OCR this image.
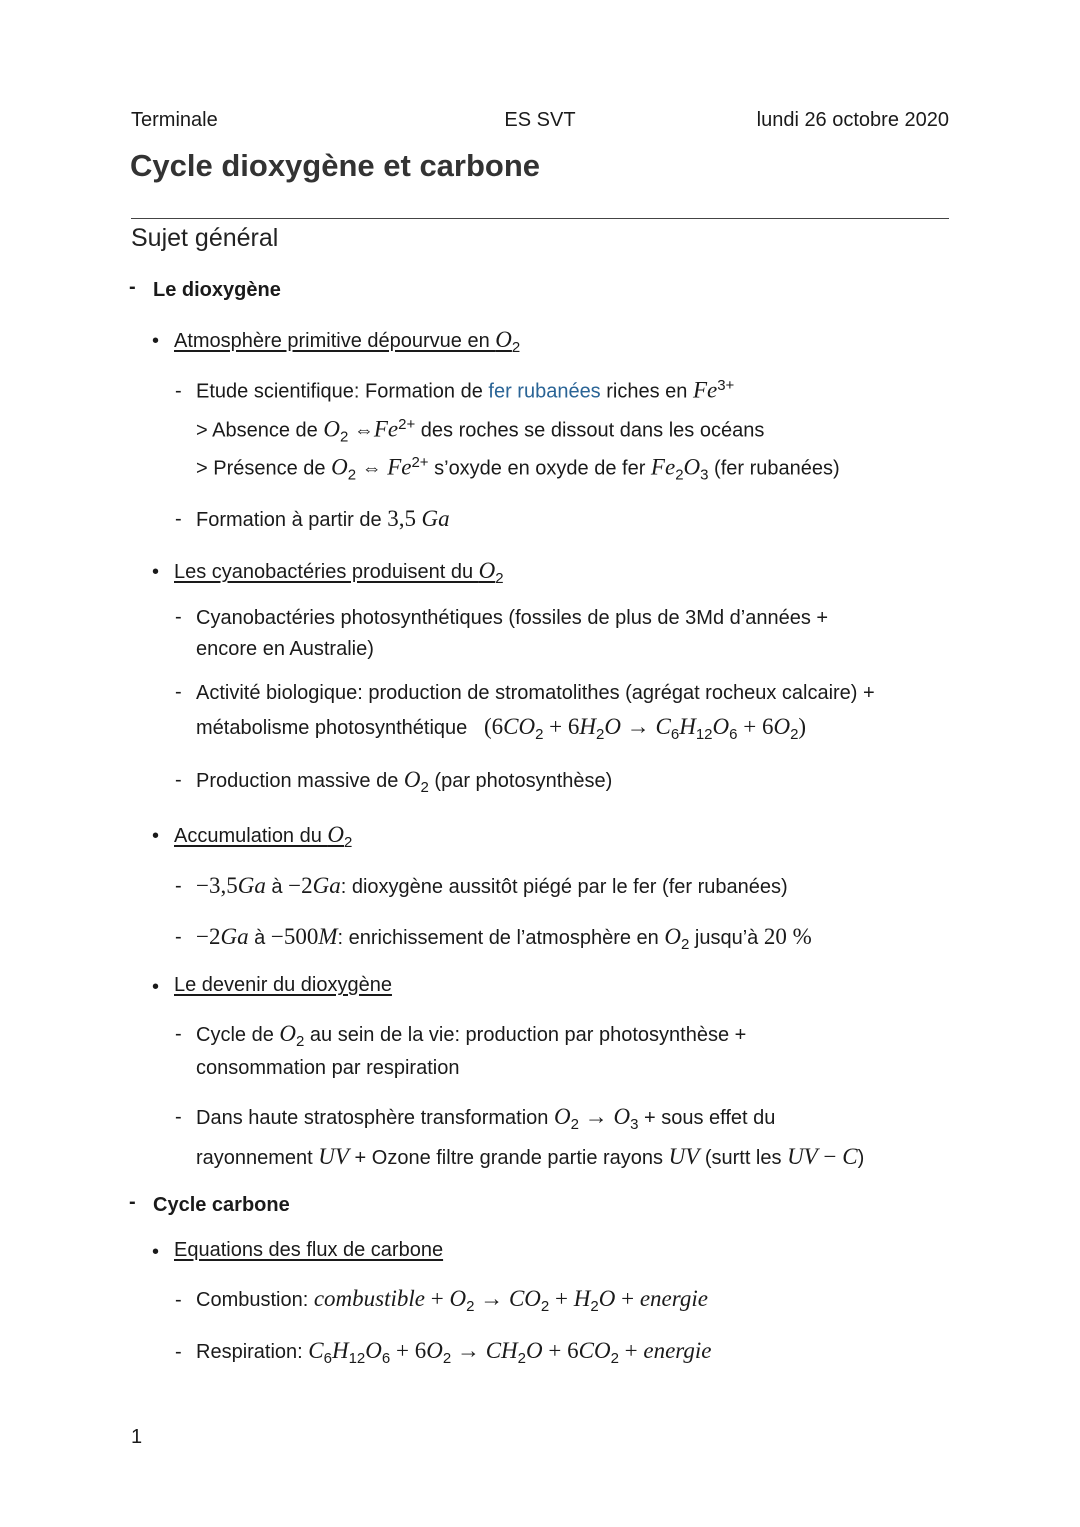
Terminale	ES SVT	lundi 26 octobre 2020
Cycle dioxygène et carbone
Sujet général
- Le dioxygène
• Atmosphère primitive dépourvue en $O_2$
- Etude scientifique: Formation de fer rubanées riches en $Fe^{3+}$
> Absence de $O_2$ $\Leftrightarrow Fe^{2+}$ des roches se dissout dans les océans
> Présence de $O_2$ ⇔ $Fe^{2+}$ s’oxyde en oxyde de fer $Fe_2O_3$ (fer rubanées)
- Formation à partir de 3,5 Ga
• Les cyanobactéries produisent du $O_2$
- Cyanobactéries photosynthétiques (fossiles de plus de 3Md d’années +
encore en Australie)
- Activité biologique: production de stromatolithes (agrégat rocheux calcaire) +
métabolisme photosynthétique $(6CO_2 + 6H_2O \to C_6H_{12}O_6 + 6O_2)$
- Production massive de $O_2$ (par photosynthèse)
• Accumulation du $O_2$
- −3,5Ga à −2Ga: dioxygène aussitôt piégé par le fer (fer rubanées)
- −2Ga à −500M: enrichissement de l’atmosphère en $O_2$ jusqu’à 20 %
• Le devenir du dioxygène
- Cycle de $O_2$ au sein de la vie: production par photosynthèse +
consommation par respiration
- Dans haute stratosphère transformation $O_2 \to O_3$ + sous effet du
rayonnement UV + Ozone filtre grande partie rayons UV (surtt les UV − C)
- Cycle carbone
• Equations des flux de carbone
- Combustion: combustible + $O_2 \to CO_2 + H_2O$ + energie
- Respiration: $C_6H_{12}O_6 + 6O_2 \to CH_2O + 6CO_2$ + energie
1
